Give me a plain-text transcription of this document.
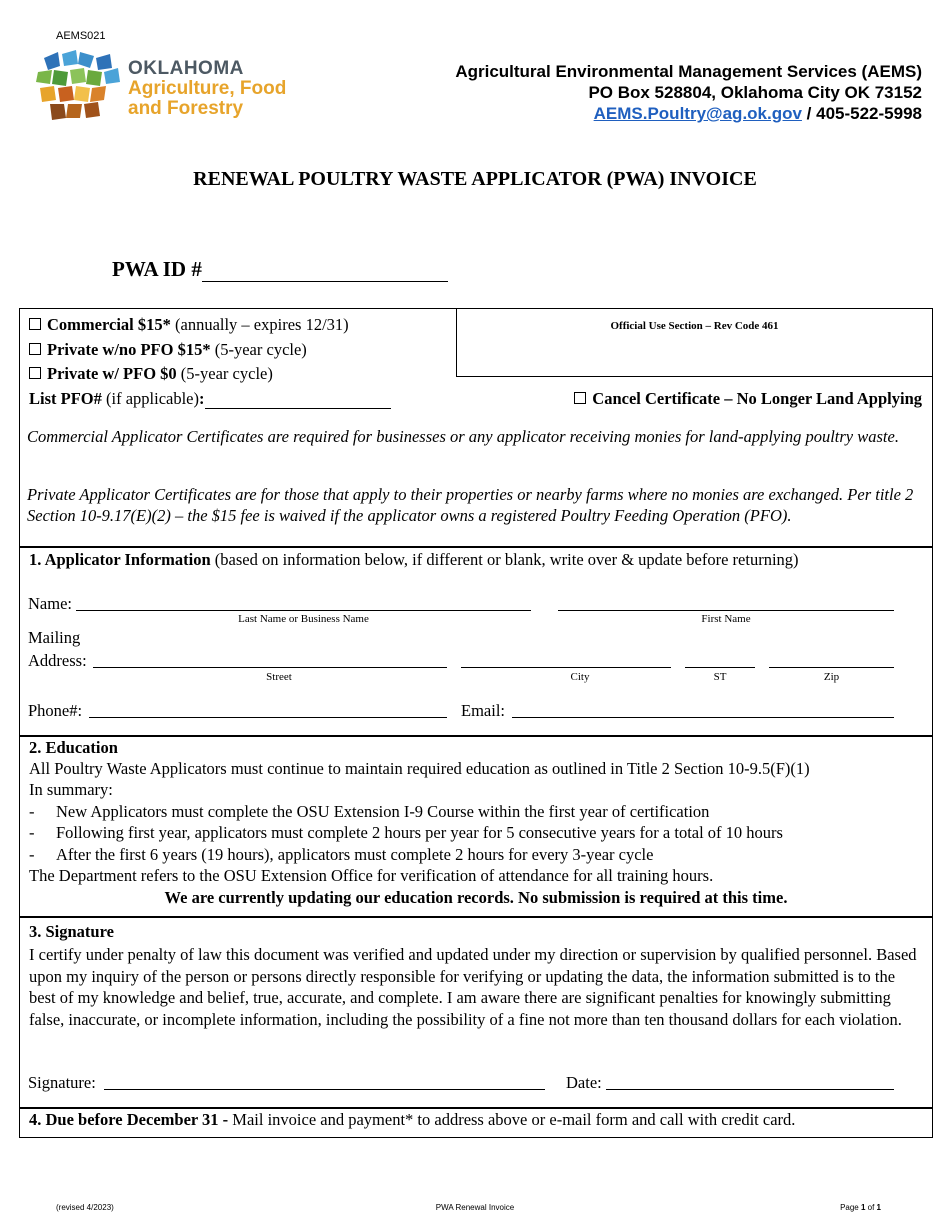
AEMS021
OKLAHOMA
Agriculture, Food
and Forestry
Agricultural Environmental Management Services (AEMS)
PO Box 528804, Oklahoma City OK 73152
AEMS.Poultry@ag.ok.gov / 405-522-5998
RENEWAL POULTRY WASTE APPLICATOR (PWA) INVOICE
PWA ID #
Official Use Section – Rev Code 461
Commercial $15* (annually – expires 12/31)
Private w/no PFO $15* (5-year cycle)
Private w/ PFO $0 (5-year cycle)
List PFO# (if applicable):	Cancel Certificate – No Longer Land Applying
Commercial Applicator Certificates are required for businesses or any applicator receiving monies for land-applying poultry waste.
Private Applicator Certificates are for those that apply to their properties or nearby farms where no monies are exchanged. Per title 2 Section 10-9.17(E)(2) – the $15 fee is waived if the applicator owns a registered Poultry Feeding Operation (PFO).
1. Applicator Information (based on information below, if different or blank, write over & update before returning)
Name:
Last Name or Business Name	First Name
Mailing
Address:
Street	City	ST	Zip
Phone#:	Email:
2. Education
All Poultry Waste Applicators must continue to maintain required education as outlined in Title 2 Section 10-9.5(F)(1)
In summary:
- New Applicators must complete the OSU Extension I-9 Course within the first year of certification
- Following first year, applicators must complete 2 hours per year for 5 consecutive years for a total of 10 hours
- After the first 6 years (19 hours), applicators must complete 2 hours for every 3-year cycle
The Department refers to the OSU Extension Office for verification of attendance for all training hours.
We are currently updating our education records. No submission is required at this time.
3. Signature
I certify under penalty of law this document was verified and updated under my direction or supervision by qualified personnel. Based upon my inquiry of the person or persons directly responsible for verifying or updating the data, the information submitted is to the best of my knowledge and belief, true, accurate, and complete. I am aware there are significant penalties for knowingly submitting false, inaccurate, or incomplete information, including the possibility of a fine not more than ten thousand dollars for each violation.
Signature:	Date:
4. Due before December 31 - Mail invoice and payment* to address above or e-mail form and call with credit card.
(revised 4/2023)	PWA Renewal Invoice	Page 1 of 1
